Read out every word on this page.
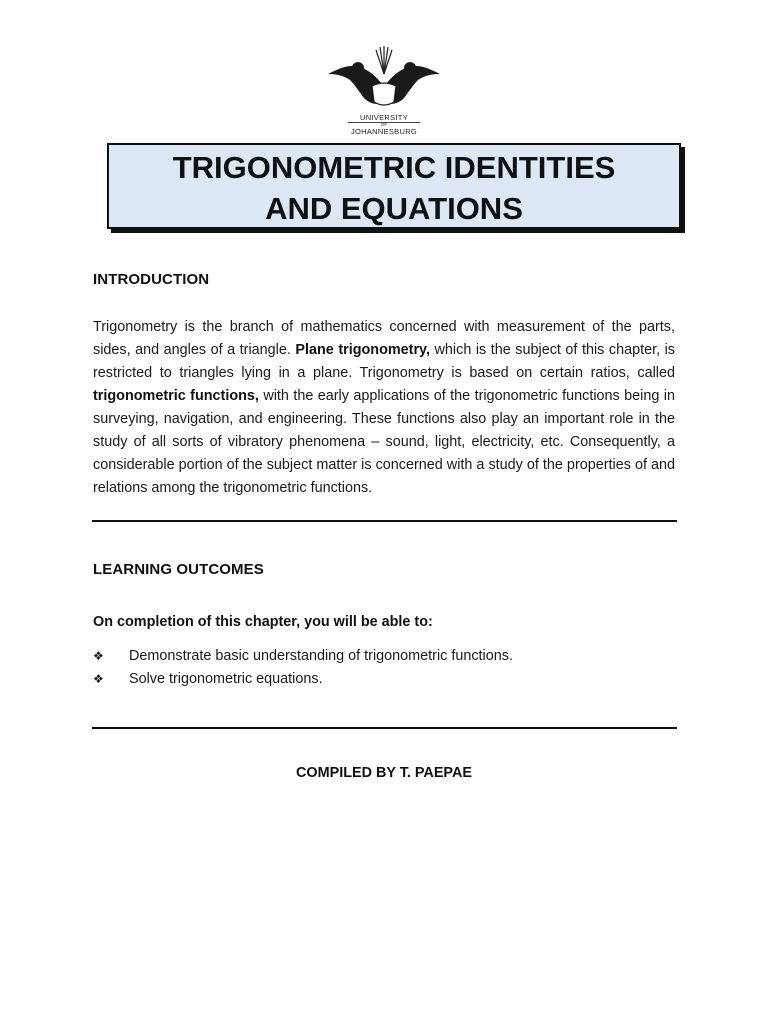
UNIVERSITY
OF
JOHANNESBURG
TRIGONOMETRIC IDENTITIES
AND EQUATIONS
INTRODUCTION
Trigonometry is the branch of mathematics concerned with measurement of the parts, sides, and angles of a triangle. Plane trigonometry, which is the subject of this chapter, is restricted to triangles lying in a plane. Trigonometry is based on certain ratios, called trigonometric functions, with the early applications of the trigonometric functions being in surveying, navigation, and engineering. These functions also play an important role in the study of all sorts of vibratory phenomena – sound, light, electricity, etc. Consequently, a considerable portion of the subject matter is concerned with a study of the properties of and relations among the trigonometric functions.
LEARNING OUTCOMES
On completion of this chapter, you will be able to:
❖ Demonstrate basic understanding of trigonometric functions.
❖ Solve trigonometric equations.
COMPILED BY T. PAEPAE
